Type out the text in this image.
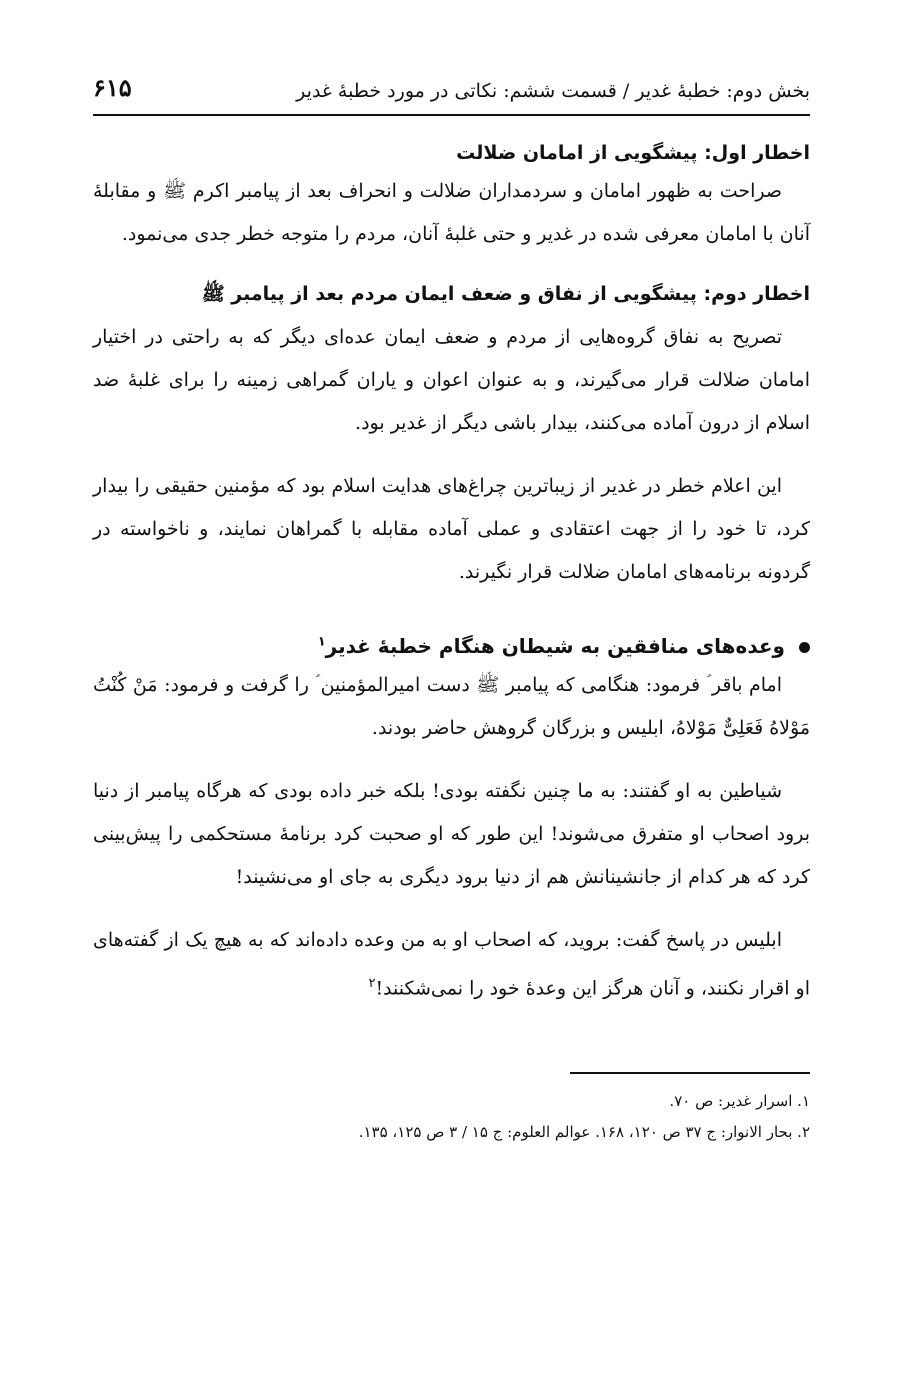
بخش دوم: خطبۀ غدیر / قسمت ششم: نکاتی در مورد خطبۀ غدیر
۶۱۵
اخطار اول: پیشگویی از امامان ضلالت

صراحت به ظهور امامان و سردمداران ضلالت و انحراف بعد از پیامبر اکرم ﷺ و مقابلۀ آنان با امامان معرفی شده در غدیر و حتی غلبۀ آنان، مردم را متوجه خطر جدی می‌نمود.

اخطار دوم: پیشگویی از نفاق و ضعف ایمان مردم بعد از پیامبر ﷺ

تصریح به نفاق گروه‌هایی از مردم و ضعف ایمان عده‌ای دیگر که به راحتی در اختیار امامان ضلالت قرار می‌گیرند، و به عنوان اعوان و یاران گمراهی زمینه را برای غلبۀ ضد اسلام از درون آماده می‌کنند، بیدار باشی دیگر از غدیر بود.

این اعلام خطر در غدیر از زیباترین چراغ‌های هدایت اسلام بود که مؤمنین حقیقی را بیدار کرد، تا خود را از جهت اعتقادی و عملی آماده مقابله با گمراهان نمایند، و ناخواسته در گردونه برنامه‌های امامان ضلالت قرار نگیرند.

وعده‌های منافقین به شیطان هنگام خطبۀ غدیر$^۱$

امام باقر ؑ فرمود: هنگامی که پیامبر ﷺ دست امیرالمؤمنین ؑ را گرفت و فرمود: مَنْ کُنْتُ مَوْلاهُ فَعَلِیٌّ مَوْلاهُ، ابلیس و بزرگان گروهش حاضر بودند.

شیاطین به او گفتند: به ما چنین نگفته بودی! بلکه خبر داده بودی که هرگاه پیامبر از دنیا برود اصحاب او متفرق می‌شوند! این طور که او صحبت کرد برنامۀ مستحکمی را پیش‌بینی کرد که هر کدام از جانشینانش هم از دنیا برود دیگری به جای او می‌نشیند!

ابلیس در پاسخ گفت: بروید، که اصحاب او به من وعده داده‌اند که به هیچ یک از گفته‌های او اقرار نکنند، و آنان هرگز این وعدۀ خود را نمی‌شکنند!$^۲$

۱. اسرار غدیر: ص ۷۰.

۲. بحار الانوار: ج ۳۷ ص ۱۲۰، ۱۶۸. عوالم العلوم: ج ۱۵ / ۳ ص ۱۲۵، ۱۳۵.
